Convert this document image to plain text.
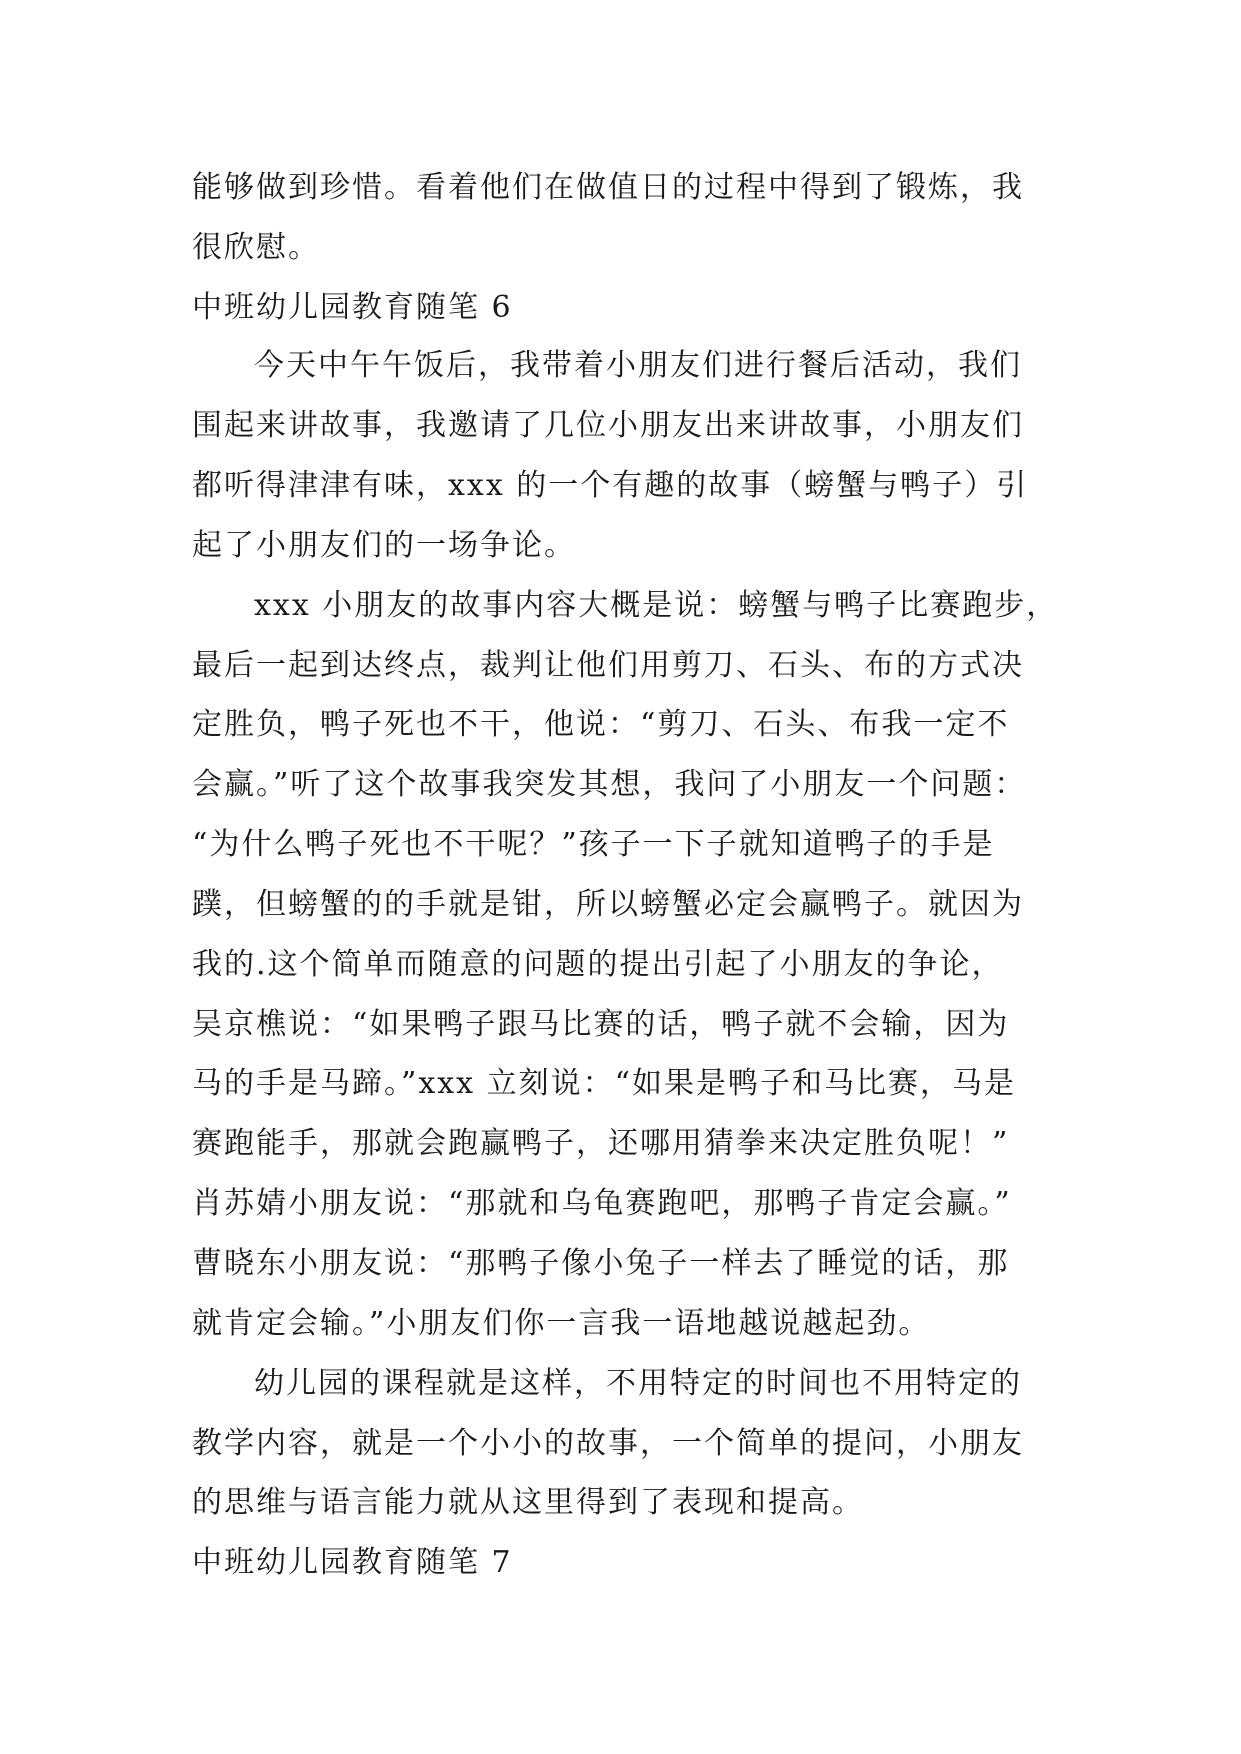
能够做到珍惜。看着他们在做值日的过程中得到了锻炼，我
很欣慰。
中班幼儿园教育随笔 6
今天中午午饭后，我带着小朋友们进行餐后活动，我们
围起来讲故事，我邀请了几位小朋友出来讲故事，小朋友们
都听得津津有味，xxx 的一个有趣的故事（螃蟹与鸭子）引
起了小朋友们的一场争论。
xxx 小朋友的故事内容大概是说：螃蟹与鸭子比赛跑步，
最后一起到达终点，裁判让他们用剪刀、石头、布的方式决
定胜负，鸭子死也不干，他说：“剪刀、石头、布我一定不
会赢。”听了这个故事我突发其想，我问了小朋友一个问题：
“为什么鸭子死也不干呢？”孩子一下子就知道鸭子的手是
蹼，但螃蟹的的手就是钳，所以螃蟹必定会赢鸭子。就因为
我的.这个简单而随意的问题的提出引起了小朋友的争论，
吴京樵说：“如果鸭子跟马比赛的话，鸭子就不会输，因为
马的手是马蹄。”xxx 立刻说：“如果是鸭子和马比赛，马是
赛跑能手，那就会跑赢鸭子，还哪用猜拳来决定胜负呢！”
肖苏婧小朋友说：“那就和乌龟赛跑吧，那鸭子肯定会赢。”
曹晓东小朋友说：“那鸭子像小兔子一样去了睡觉的话，那
就肯定会输。”小朋友们你一言我一语地越说越起劲。
幼儿园的课程就是这样，不用特定的时间也不用特定的
教学内容，就是一个小小的故事，一个简单的提问，小朋友
的思维与语言能力就从这里得到了表现和提高。
中班幼儿园教育随笔 7
